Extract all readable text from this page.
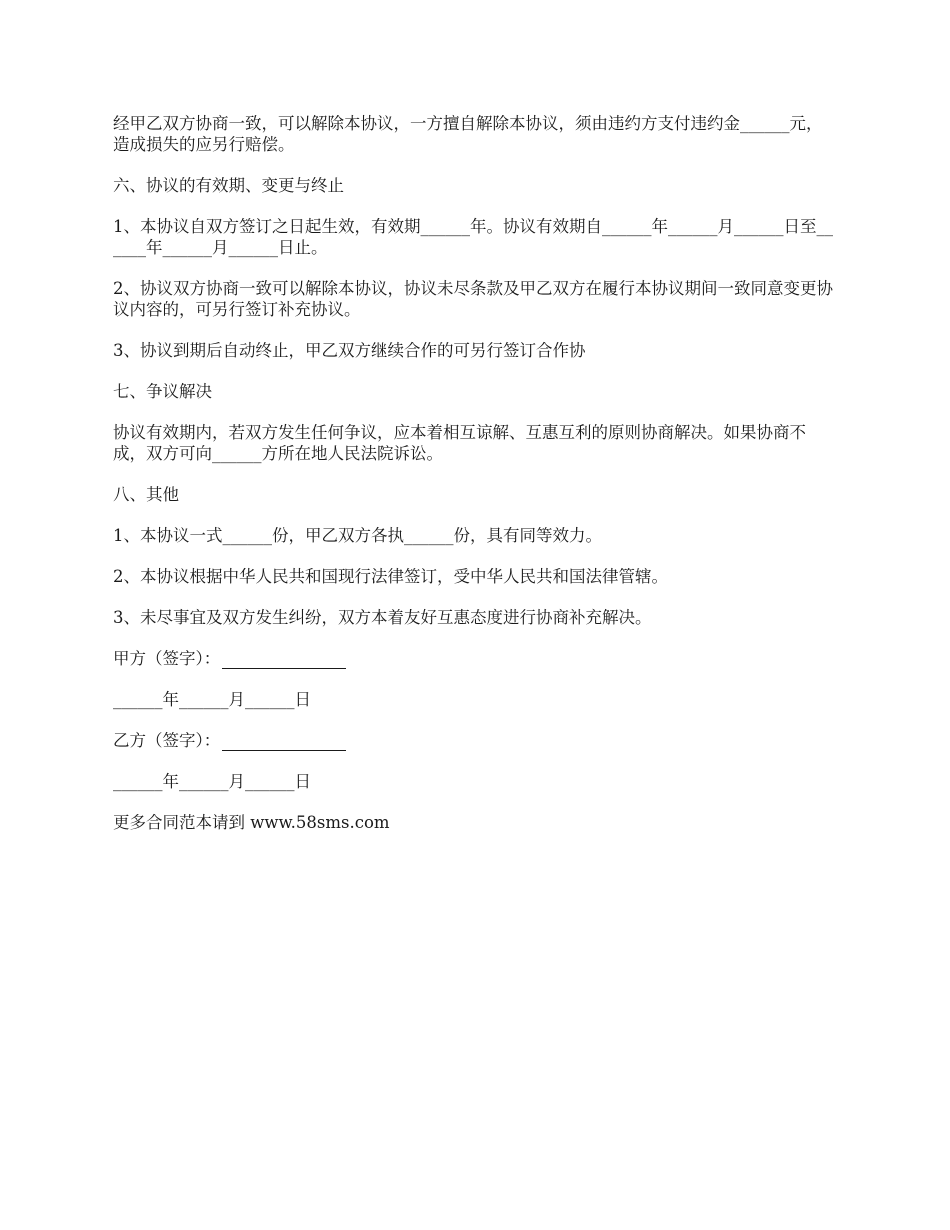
经甲乙双方协商一致，可以解除本协议，一方擅自解除本协议，须由违约方支付违约金______元，造成损失的应另行赔偿。

六、协议的有效期、变更与终止

1、本协议自双方签订之日起生效，有效期______年。协议有效期自______年______月______日至______年______月______日止。

2、协议双方协商一致可以解除本协议，协议未尽条款及甲乙双方在履行本协议期间一致同意变更协议内容的，可另行签订补充协议。

3、协议到期后自动终止，甲乙双方继续合作的可另行签订合作协

七、争议解决

协议有效期内，若双方发生任何争议，应本着相互谅解、互惠互利的原则协商解决。如果协商不成，双方可向______方所在地人民法院诉讼。

八、其他

1、本协议一式______份，甲乙双方各执______份，具有同等效力。

2、本协议根据中华人民共和国现行法律签订，受中华人民共和国法律管辖。

3、未尽事宜及双方发生纠纷，双方本着友好互惠态度进行协商补充解决。

甲方（签字）：

______年______月______日

乙方（签字）：

______年______月______日

更多合同范本请到 www.58sms.com
